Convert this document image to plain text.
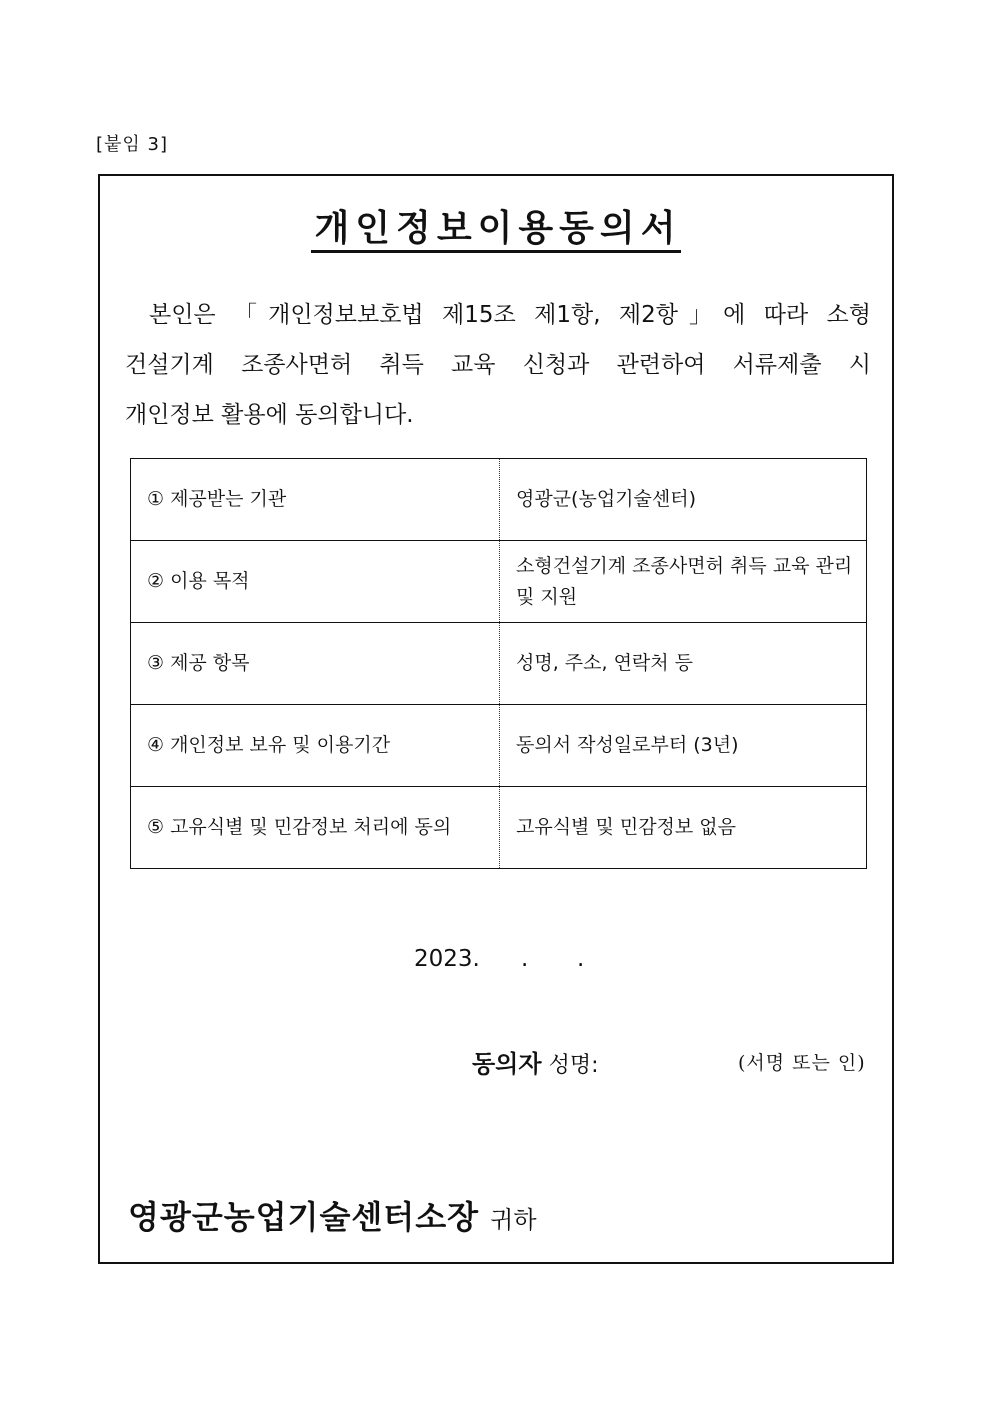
[붙임 3]
개인정보이용동의서

본인은 「개인정보보호법 제15조 제1항, 제2항」에 따라 소형

건설기계 조종사면허 취득 교육 신청과 관련하여 서류제출 시

개인정보 활용에 동의합니다.

① 제공받는 기관	영광군(농업기술센터)
② 이용 목적	소형건설기계 조종사면허 취득 교육 관리 및 지원
③ 제공 항목	성명, 주소, 연락처 등
④ 개인정보 보유 및 이용기간	동의서 작성일로부터 (3년)
⑤ 고유식별 및 민감정보 처리에 동의	고유식별 및 민감정보 없음
2023. . .
동의자 성명:	(서명 또는 인)
영광군농업기술센터소장 귀하
